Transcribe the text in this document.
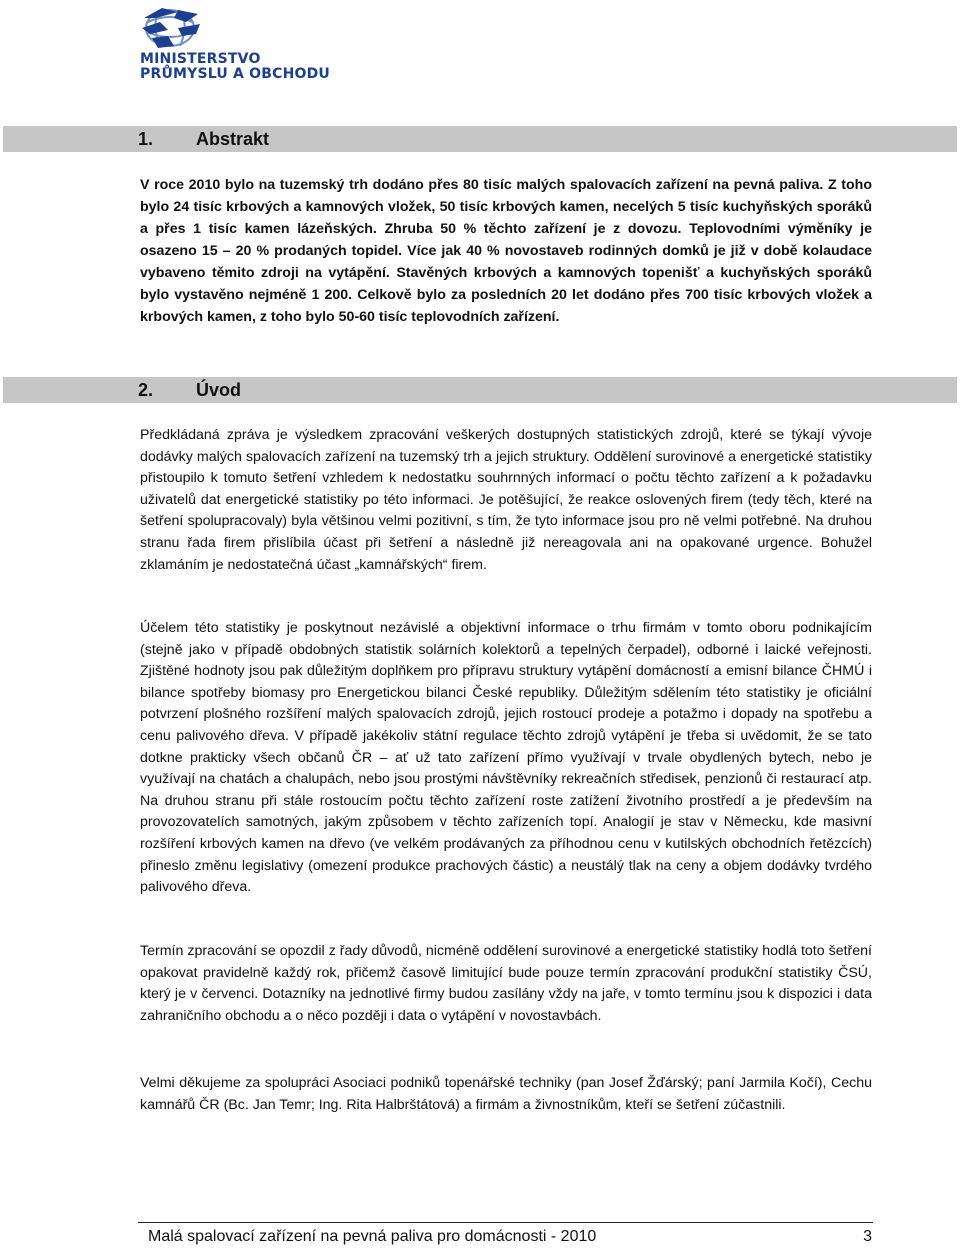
MINISTERSTVO
PRŮMYSLU A OBCHODU
1. Abstrakt

V roce 2010 bylo na tuzemský trh dodáno přes 80 tisíc malých spalovacích zařízení na pevná paliva. Z toho bylo 24 tisíc krbových a kamnových vložek, 50 tisíc krbových kamen, necelých 5 tisíc kuchyňských sporáků a přes 1 tisíc kamen lázeňských. Zhruba 50 % těchto zařízení je z dovozu. Teplovodními výměníky je osazeno 15 – 20 % prodaných topidel. Více jak 40 % novostaveb rodinných domků je již v době kolaudace vybaveno těmito zdroji na vytápění. Stavěných krbových a kamnových topenišť a kuchyňských sporáků bylo vystavěno nejméně 1 200. Celkově bylo za posledních 20 let dodáno přes 700 tisíc krbových vložek a krbových kamen, z toho bylo 50-60 tisíc teplovodních zařízení.

2. Úvod

Předkládaná zpráva je výsledkem zpracování veškerých dostupných statistických zdrojů, které se týkají vývoje dodávky malých spalovacích zařízení na tuzemský trh a jejich struktury. Oddělení surovinové a energetické statistiky přistoupilo k tomuto šetření vzhledem k nedostatku souhrnných informací o počtu těchto zařízení a k požadavku uživatelů dat energetické statistiky po této informaci. Je potěšující, že reakce oslovených firem (tedy těch, které na šetření spolupracovaly) byla většinou velmi pozitivní, s tím, že tyto informace jsou pro ně velmi potřebné. Na druhou stranu řada firem přislíbila účast při šetření a následně již nereagovala ani na opakované urgence. Bohužel zklamáním je nedostatečná účast „kamnářských“ firem.

Účelem této statistiky je poskytnout nezávislé a objektivní informace o trhu firmám v tomto oboru podnikajícím (stejně jako v případě obdobných statistik solárních kolektorů a tepelných čerpadel), odborné i laické veřejnosti. Zjištěné hodnoty jsou pak důležitým doplňkem pro přípravu struktury vytápění domácností a emisní bilance ČHMÚ i bilance spotřeby biomasy pro Energetickou bilanci České republiky. Důležitým sdělením této statistiky je oficiální potvrzení plošného rozšíření malých spalovacích zdrojů, jejich rostoucí prodeje a potažmo i dopady na spotřebu a cenu palivového dřeva. V případě jakékoliv státní regulace těchto zdrojů vytápění je třeba si uvědomit, že se tato dotkne prakticky všech občanů ČR – ať už tato zařízení přímo využívají v trvale obydlených bytech, nebo je využívají na chatách a chalupách, nebo jsou prostými návštěvníky rekreačních středisek, penzionů či restaurací atp. Na druhou stranu při stále rostoucím počtu těchto zařízení roste zatížení životního prostředí a je především na provozovatelích samotných, jakým způsobem v těchto zařízeních topí. Analogií je stav v Německu, kde masivní rozšíření krbových kamen na dřevo (ve velkém prodávaných za příhodnou cenu v kutilských obchodních řetězcích) přineslo změnu legislativy (omezení produkce prachových částic) a neustálý tlak na ceny a objem dodávky tvrdého palivového dřeva.

Termín zpracování se opozdil z řady důvodů, nicméně oddělení surovinové a energetické statistiky hodlá toto šetření opakovat pravidelně každý rok, přičemž časově limitující bude pouze termín zpracování produkční statistiky ČSÚ, který je v červenci. Dotazníky na jednotlivé firmy budou zasílány vždy na jaře, v tomto termínu jsou k dispozici i data zahraničního obchodu a o něco později i data o vytápění v novostavbách.

Velmi děkujeme za spolupráci Asociaci podniků topenářské techniky (pan Josef Žďárský; paní Jarmila Kočí), Cechu kamnářů ČR (Bc. Jan Temr; Ing. Rita Halbrštátová) a firmám a živnostníkům, kteří se šetření zúčastnili.

Malá spalovací zařízení na pevná paliva pro domácnosti - 2010	3
